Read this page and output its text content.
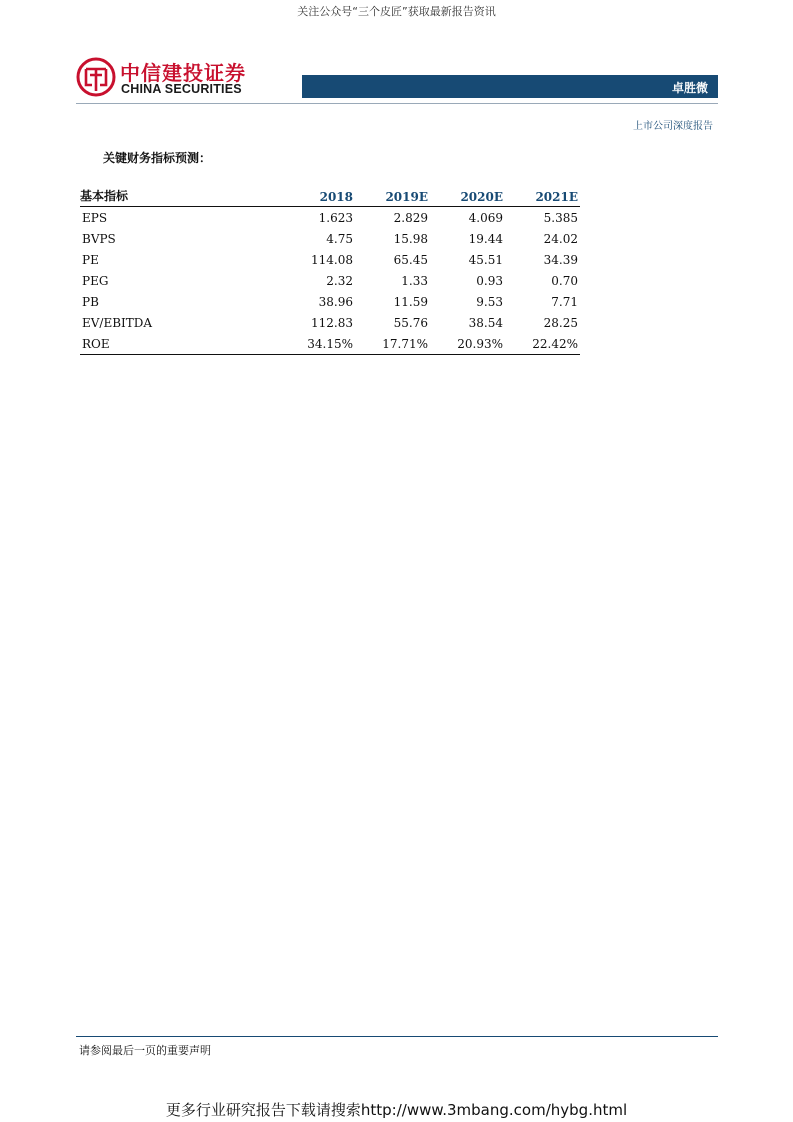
关注公众号“三个皮匠”获取最新报告资讯
中信建投证券
CHINA SECURITIES	卓胜微
上市公司深度报告
关键财务指标预测：
基本指标	2018	2019E	2020E	2021E
EPS	1.623	2.829	4.069	5.385
BVPS	4.75	15.98	19.44	24.02
PE	114.08	65.45	45.51	34.39
PEG	2.32	1.33	0.93	0.70
PB	38.96	11.59	9.53	7.71
EV/EBITDA	112.83	55.76	38.54	28.25
ROE	34.15%	17.71%	20.93%	22.42%
请参阅最后一页的重要声明
更多行业研究报告下载请搜索http://www.3mbang.com/hybg.html
